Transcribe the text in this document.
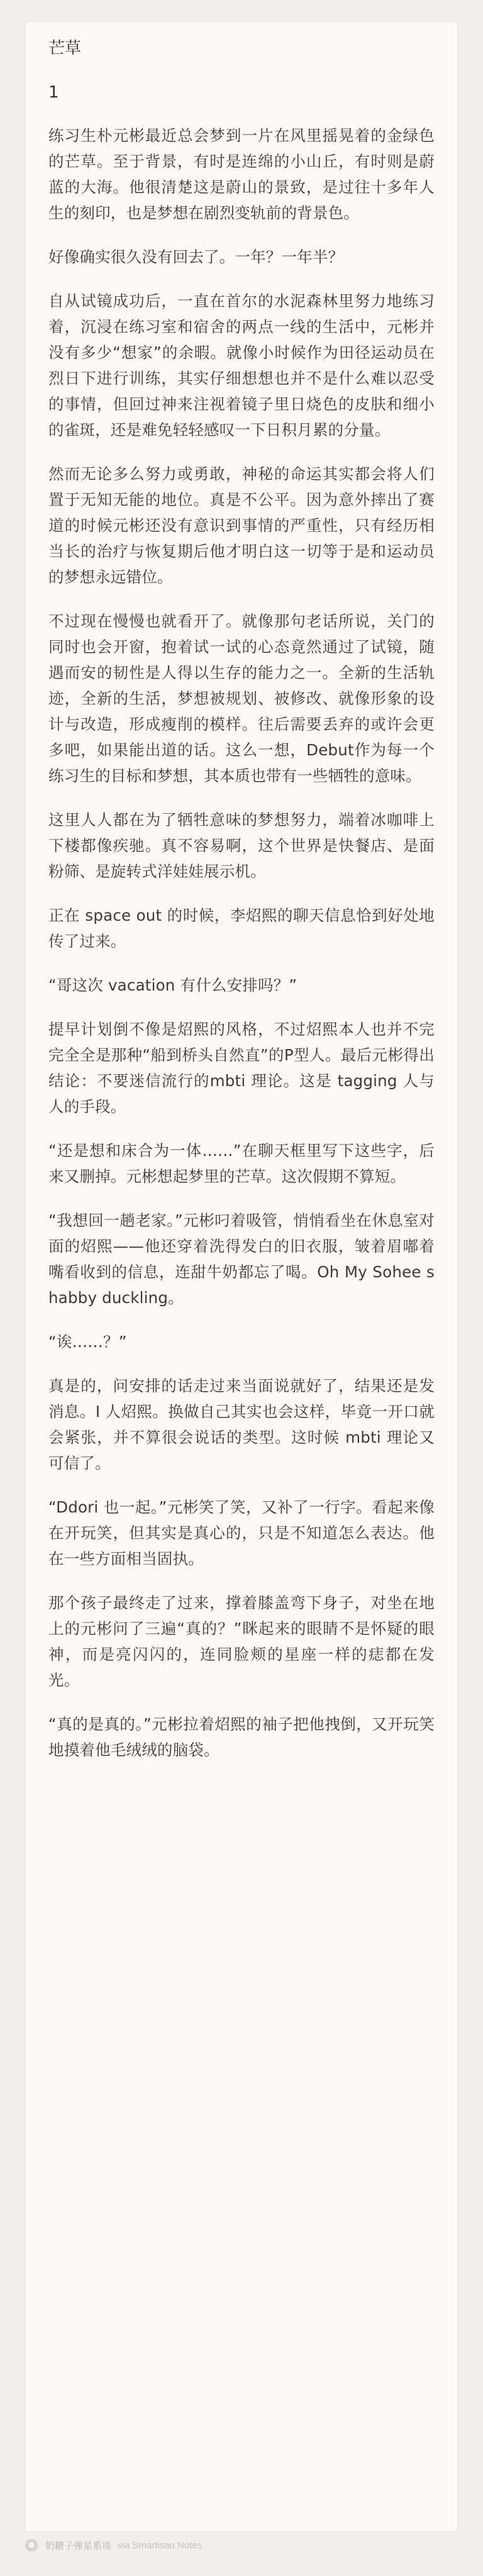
芒草
1

练习生朴元彬最近总会梦到一片在风里摇晃着的金绿色的芒草。至于背景，有时是连绵的小山丘，有时则是蔚蓝的大海。他很清楚这是蔚山的景致，是过往十多年人生的刻印，也是梦想在剧烈变轨前的背景色。

好像确实很久没有回去了。一年？一年半？

自从试镜成功后，一直在首尔的水泥森林里努力地练习着，沉浸在练习室和宿舍的两点一线的生活中，元彬并没有多少“想家”的余暇。就像小时候作为田径运动员在烈日下进行训练，其实仔细想想也并不是什么难以忍受的事情，但回过神来注视着镜子里日烧色的皮肤和细小的雀斑，还是难免轻轻感叹一下日积月累的分量。

然而无论多么努力或勇敢，神秘的命运其实都会将人们置于无知无能的地位。真是不公平。因为意外摔出了赛道的时候元彬还没有意识到事情的严重性，只有经历相当长的治疗与恢复期后他才明白这一切等于是和运动员的梦想永远错位。

不过现在慢慢也就看开了。就像那句老话所说，关门的同时也会开窗，抱着试一试的心态竟然通过了试镜，随遇而安的韧性是人得以生存的能力之一。全新的生活轨迹，全新的生活，梦想被规划、被修改、就像形象的设计与改造，形成瘦削的模样。往后需要丢弃的或许会更多吧，如果能出道的话。这么一想，Debut作为每一个练习生的目标和梦想，其本质也带有一些牺牲的意味。

这里人人都在为了牺牲意味的梦想努力，端着冰咖啡上下楼都像疾驰。真不容易啊，这个世界是快餐店、是面粉筛、是旋转式洋娃娃展示机。

正在 space out 的时候，李炤熙的聊天信息恰到好处地传了过来。

“哥这次 vacation 有什么安排吗？”

提早计划倒不像是炤熙的风格，不过炤熙本人也并不完完全全是那种“船到桥头自然直”的P型人。最后元彬得出结论：不要迷信流行的mbti 理论。这是 tagging 人与人的手段。

“还是想和床合为一体……”在聊天框里写下这些字，后来又删掉。元彬想起梦里的芒草。这次假期不算短。

“我想回一趟老家。”元彬叼着吸管，悄悄看坐在休息室对面的炤熙——他还穿着洗得发白的旧衣服，皱着眉嘟着嘴看收到的信息，连甜牛奶都忘了喝。Oh My Sohee shabby duckling。

“诶……？”

真是的，问安排的话走过来当面说就好了，结果还是发消息。I 人炤熙。换做自己其实也会这样，毕竟一开口就会紧张，并不算很会说话的类型。这时候 mbti 理论又可信了。

“Ddori 也一起。”元彬笑了笑，又补了一行字。看起来像在开玩笑，但其实是真心的，只是不知道怎么表达。他在一些方面相当固执。

那个孩子最终走了过来，撑着膝盖弯下身子，对坐在地上的元彬问了三遍“真的？”眯起来的眼睛不是怀疑的眼神，而是亮闪闪的，连同脸颊的星座一样的痣都在发光。

“真的是真的。”元彬拉着炤熙的袖子把他拽倒，又开玩笑地摸着他毛绒绒的脑袋。

● 奶糖子弹星系谈 via Smartisan Notes
